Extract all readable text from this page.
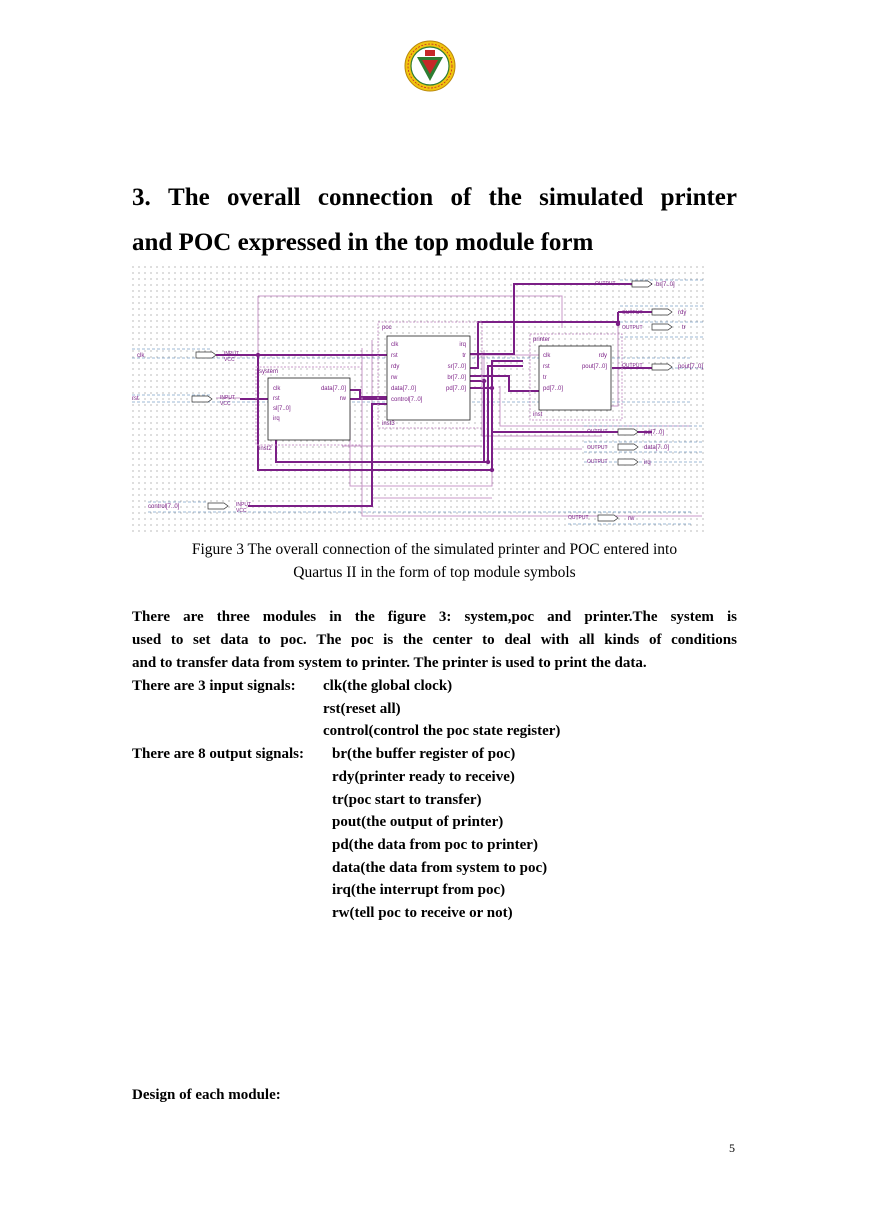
3. The overall connection of the simulated printer
and POC expressed in the top module form
system
inst2
clk
rst
sl[7..0]
irq
data[7..0]
rw
poc
inst3
clk
rst
rdy
rw
data[7..0]
control[7..0]
irq
tr
sr[7..0]
br[7..0]
pd[7..0]
printer
inst
clk
rst
tr
pd[7..0]
rdy
pout[7..0]
clk	INPUT
VCC
rst	INPUT
VCC
control[7..0]	INPUT
VCC
OUTPUT	br[7..0]
OUTPUT	rdy
OUTPUT	tr
OUTPUT	pout[7..0]
OUTPUT	pd[7..0]
OUTPUT	data[7..0]
OUTPUT	irq
OUTPUT	rw
Figure 3 The overall connection of the simulated printer and POC entered into
Quartus II in the form of top module symbols
There are three modules in the figure 3: system,poc and printer.The system is
used to set data to poc. The poc is the center to deal with all kinds of conditions
and to transfer data from system to printer. The printer is used to print the data.
There are 3 input signals: clk(the global clock)
rst(reset all)
control(control the poc state register)
There are 8 output signals: br(the buffer register of poc)
rdy(printer ready to receive)
tr(poc start to transfer)
pout(the output of printer)
pd(the data from poc to printer)
data(the data from system to poc)
irq(the interrupt from poc)
rw(tell poc to receive or not)
Design of each module:
5
